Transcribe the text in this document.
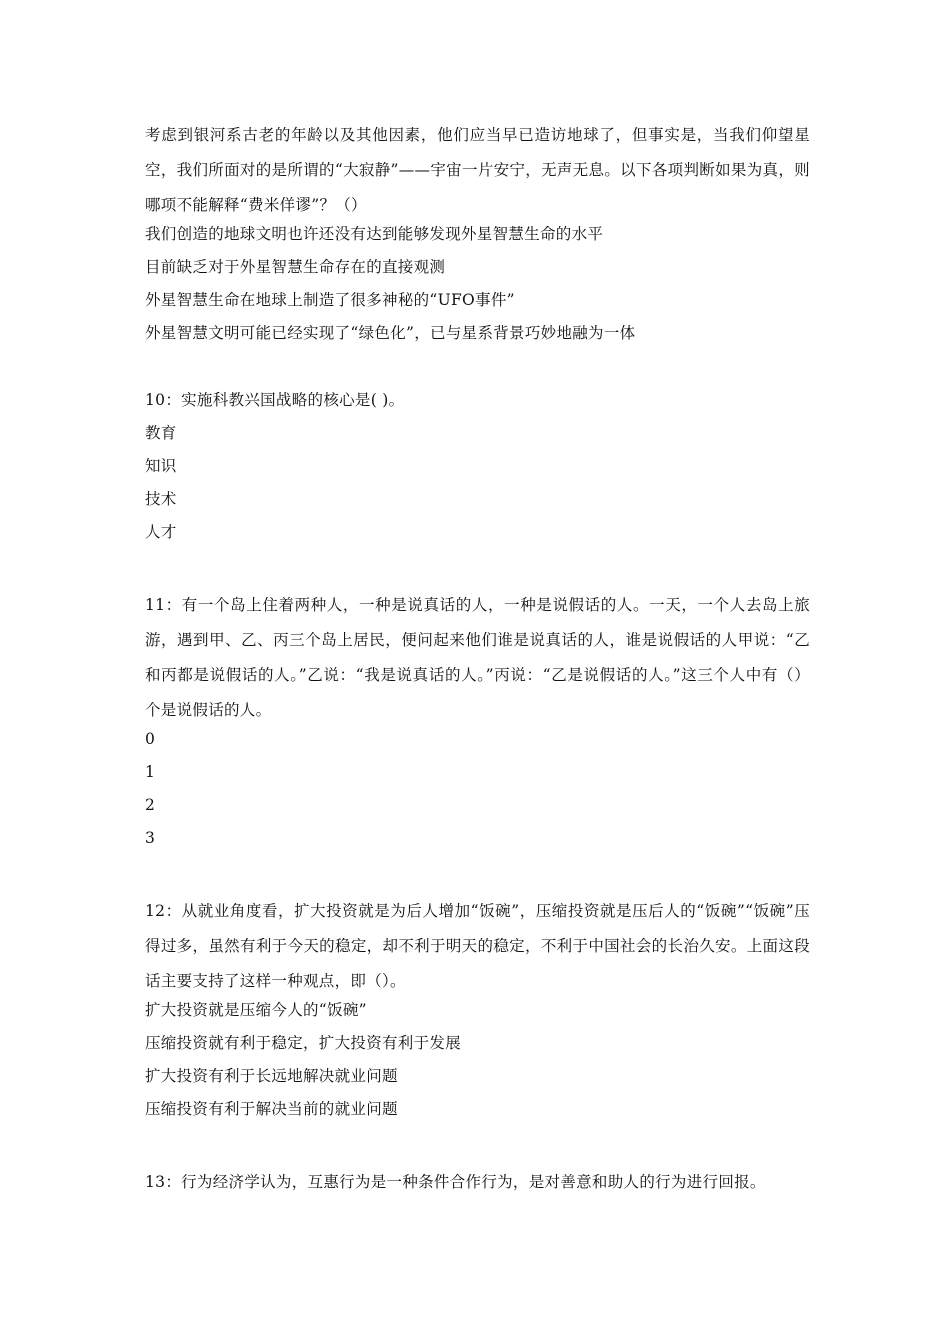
考虑到银河系古老的年龄以及其他因素，他们应当早已造访地球了，但事实是，当我们仰望星空，我们所面对的是所谓的“大寂静”——宇宙一片安宁，无声无息。以下各项判断如果为真，则哪项不能解释“费米佯谬”？（）

我们创造的地球文明也许还没有达到能够发现外星智慧生命的水平

目前缺乏对于外星智慧生命存在的直接观测

外星智慧生命在地球上制造了很多神秘的“UFO事件”

外星智慧文明可能已经实现了“绿色化”，已与星系背景巧妙地融为一体

10：实施科教兴国战略的核心是( )。

教育

知识

技术

人才

11：有一个岛上住着两种人，一种是说真话的人，一种是说假话的人。一天，一个人去岛上旅游，遇到甲、乙、丙三个岛上居民，便问起来他们谁是说真话的人，谁是说假话的人甲说：“乙和丙都是说假话的人。”乙说：“我是说真话的人。”丙说：“乙是说假话的人。”这三个人中有（）个是说假话的人。

0

1

2

3

12：从就业角度看，扩大投资就是为后人增加“饭碗”，压缩投资就是压后人的“饭碗”“饭碗”压得过多，虽然有利于今天的稳定，却不利于明天的稳定，不利于中国社会的长治久安。上面这段话主要支持了这样一种观点，即（）。

扩大投资就是压缩今人的“饭碗”

压缩投资就有利于稳定，扩大投资有利于发展

扩大投资有利于长远地解决就业问题

压缩投资有利于解决当前的就业问题

13：行为经济学认为，互惠行为是一种条件合作行为，是对善意和助人的行为进行回报。
